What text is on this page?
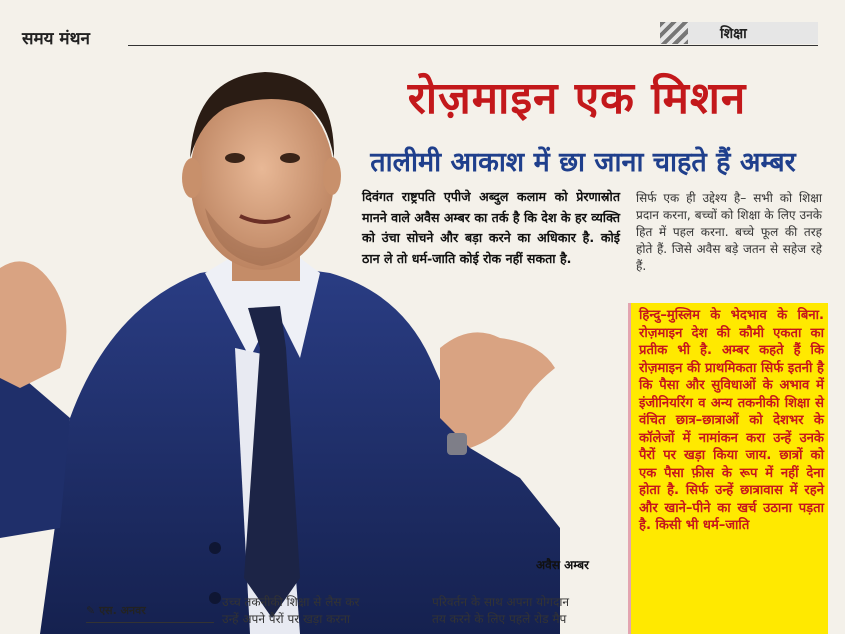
समय मंथन	शिक्षा
रोज़माइन एक मिशन
तालीमी आकाश में छा जाना चाहते हैं अम्बर
दिवंगत राष्ट्रपति एपीजे अब्दुल कलाम को प्रेरणास्रोत मानने वाले अवैस अम्बर का तर्क है कि देश के हर व्यक्ति को उंचा सोचने और बड़ा करने का अधिकार है. कोई ठान ले तो धर्म-जाति कोई रोक नहीं सकता है.
सिर्फ एक ही उद्देश्य है– सभी को शिक्षा प्रदान करना, बच्चों को शिक्षा के लिए उनके हित में पहल करना. बच्चे फूल की तरह होते हैं. जिसे अवैस बड़े जतन से सहेज रहे हैं.
हिन्दु–मुस्लिम के भेदभाव के बिना. रोज़माइन देश की कौमी एकता का प्रतीक भी है. अम्बर कहते हैं कि रोज़माइन की प्राथमिकता सिर्फ इतनी है कि पैसा और सुविधाओं के अभाव में इंजीनियरिंग व अन्य तकनीकी शिक्षा से वंचित छात्र–छात्राओं को देशभर के कॉलेजों में नामांकन करा उन्हें उनके पैरों पर खड़ा किया जाय. छात्रों को एक पैसा फ़ीस के रूप में नहीं देना होता है. सिर्फ उन्हें छात्रावास में रहने और खाने–पीने का खर्च उठाना पड़ता है. किसी भी धर्म–जाति
अवैस अम्बर
✎ एस. अनवर
उच्च तकनीकी शिक्षा से लैस कर
उन्हें अपने पैरों पर खड़ा करना
परिवर्तन के साथ अपना योगदान
तय करने के लिए पहले रोड मैप
